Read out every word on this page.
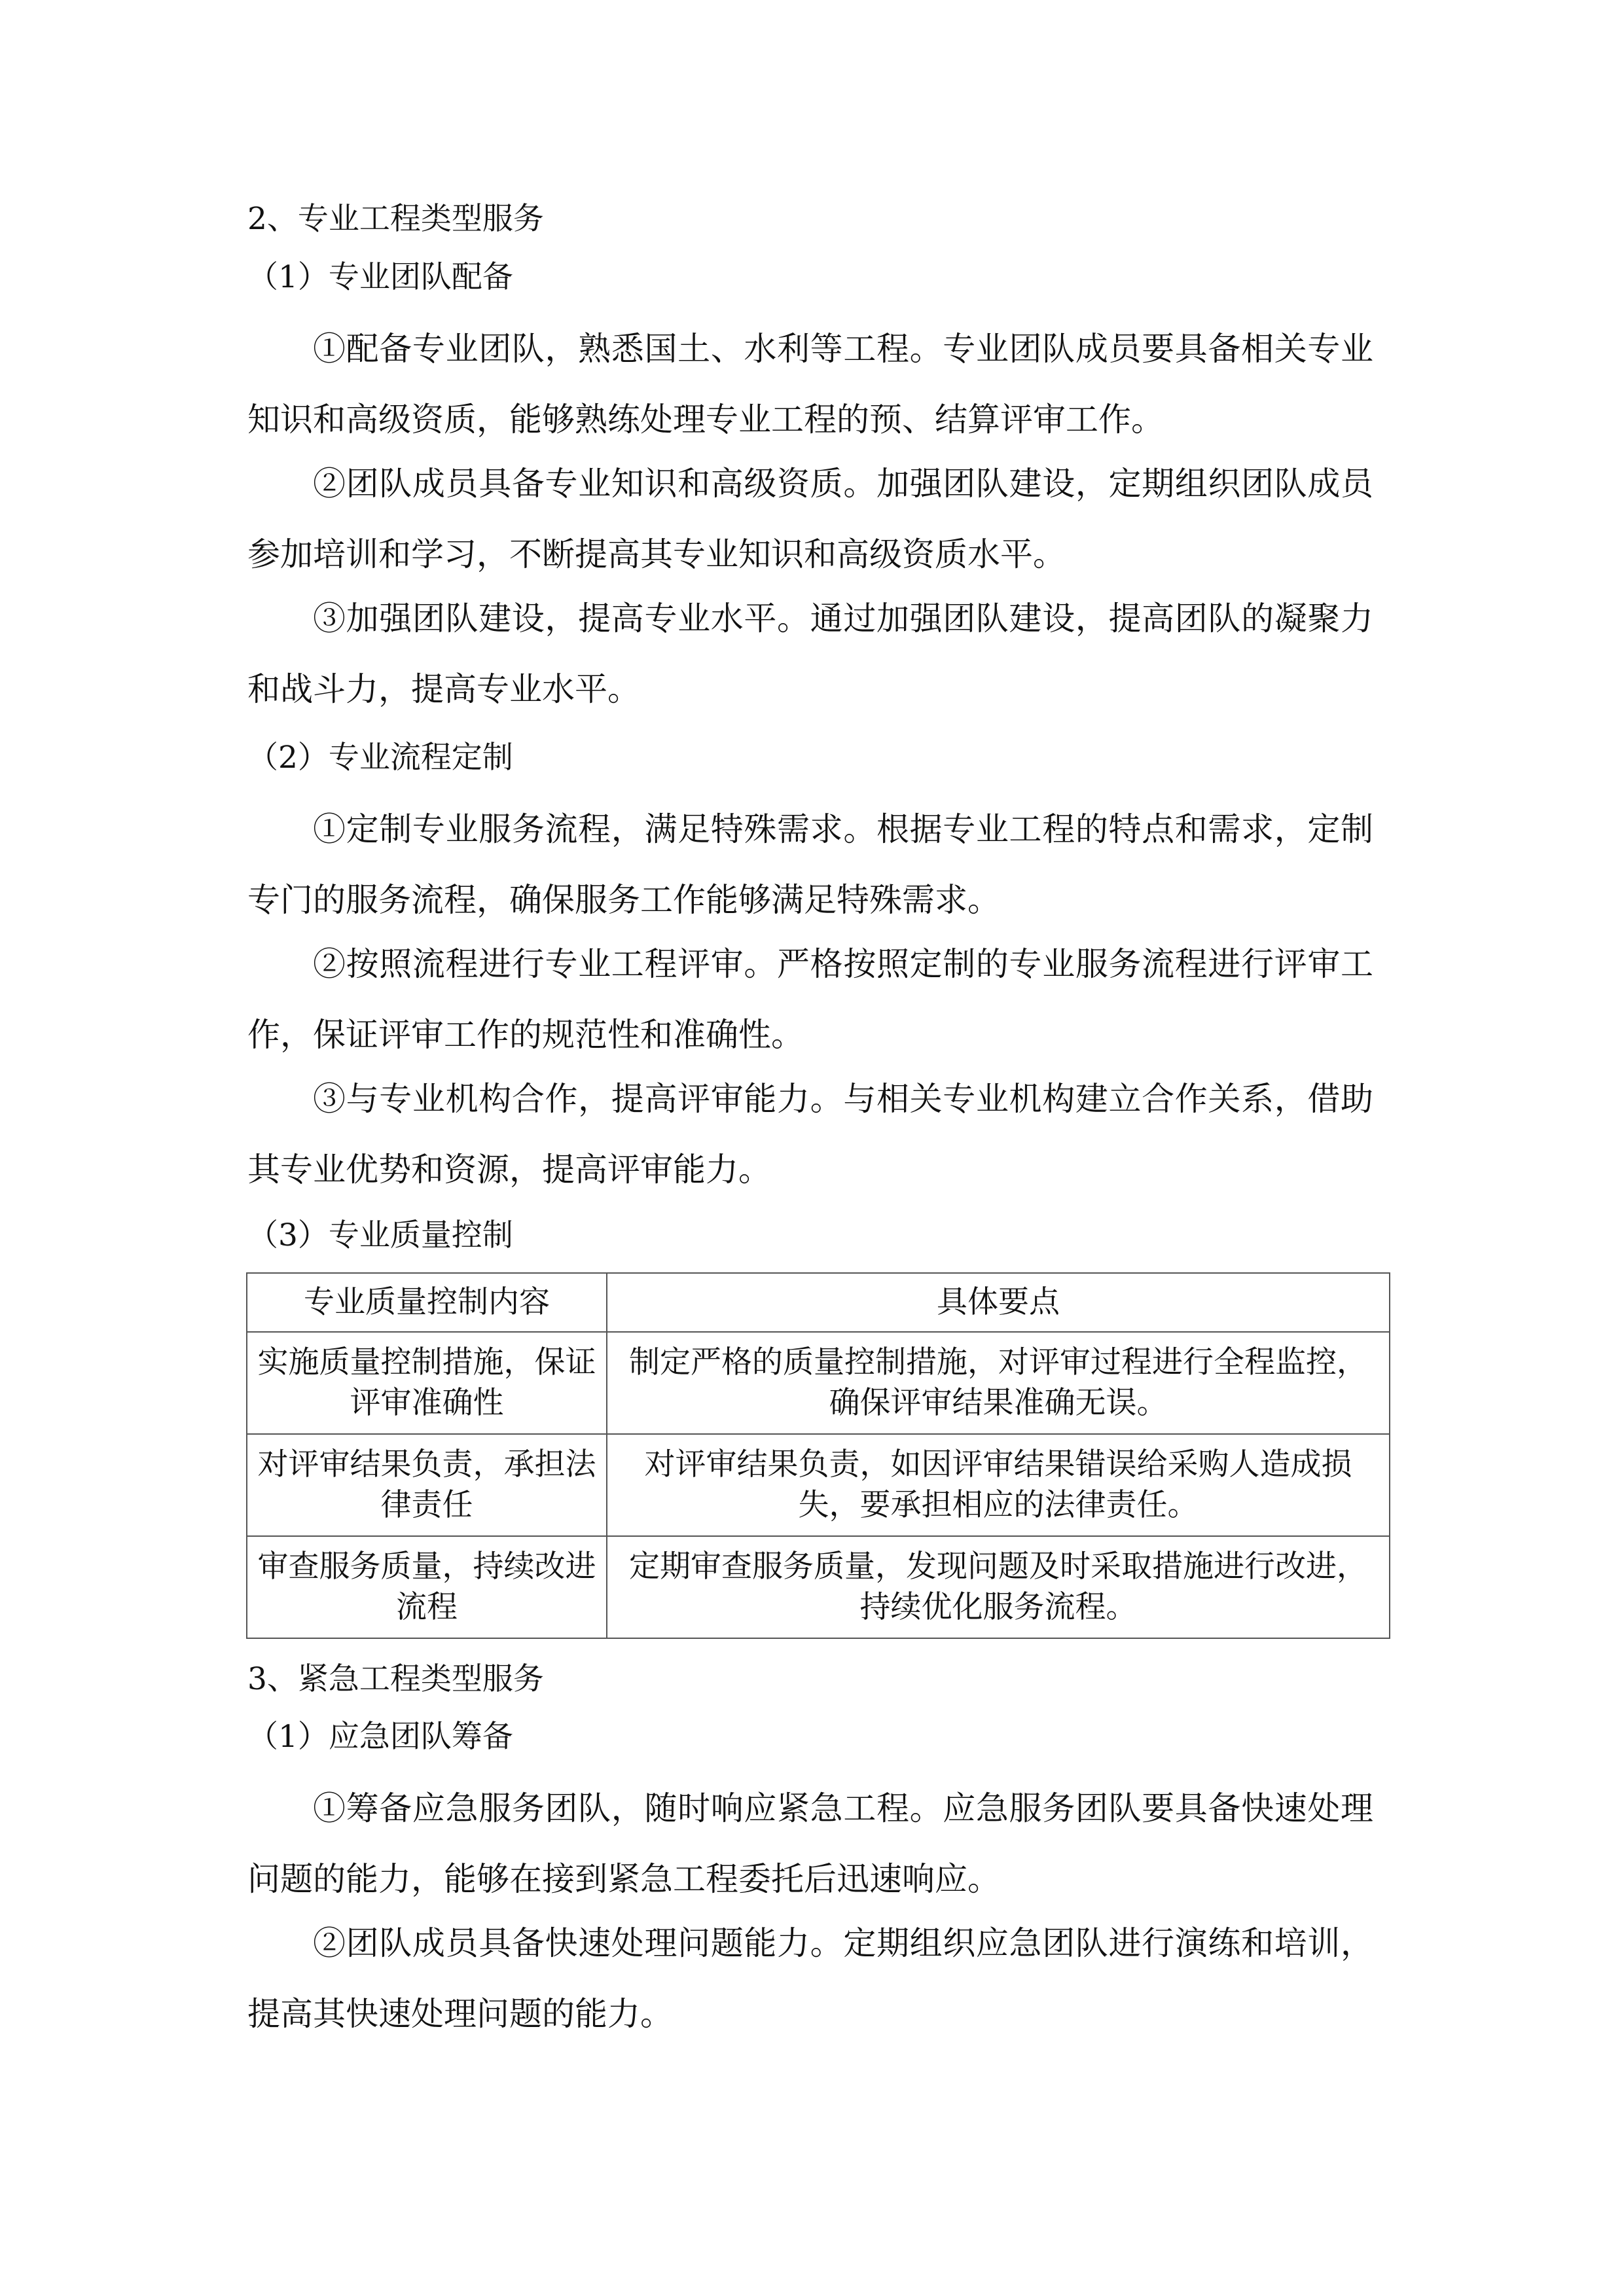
2、专业工程类型服务
（1）专业团队配备

①配备专业团队，熟悉国土、水利等工程。专业团队成员要具备相关专业知识和高级资质，能够熟练处理专业工程的预、结算评审工作。

②团队成员具备专业知识和高级资质。加强团队建设，定期组织团队成员参加培训和学习，不断提高其专业知识和高级资质水平。

③加强团队建设，提高专业水平。通过加强团队建设，提高团队的凝聚力和战斗力，提高专业水平。

（2）专业流程定制

①定制专业服务流程，满足特殊需求。根据专业工程的特点和需求，定制专门的服务流程，确保服务工作能够满足特殊需求。

②按照流程进行专业工程评审。严格按照定制的专业服务流程进行评审工作，保证评审工作的规范性和准确性。

③与专业机构合作，提高评审能力。与相关专业机构建立合作关系，借助其专业优势和资源，提高评审能力。

（3）专业质量控制
专业质量控制内容	具体要点
实施质量控制措施，保证评审准确性	制定严格的质量控制措施，对评审过程进行全程监控，确保评审结果准确无误。
对评审结果负责，承担法律责任	对评审结果负责，如因评审结果错误给采购人造成损失，要承担相应的法律责任。
审查服务质量，持续改进流程	定期审查服务质量，发现问题及时采取措施进行改进，持续优化服务流程。
3、紧急工程类型服务
（1）应急团队筹备

①筹备应急服务团队，随时响应紧急工程。应急服务团队要具备快速处理问题的能力，能够在接到紧急工程委托后迅速响应。

②团队成员具备快速处理问题能力。定期组织应急团队进行演练和培训，提高其快速处理问题的能力。
